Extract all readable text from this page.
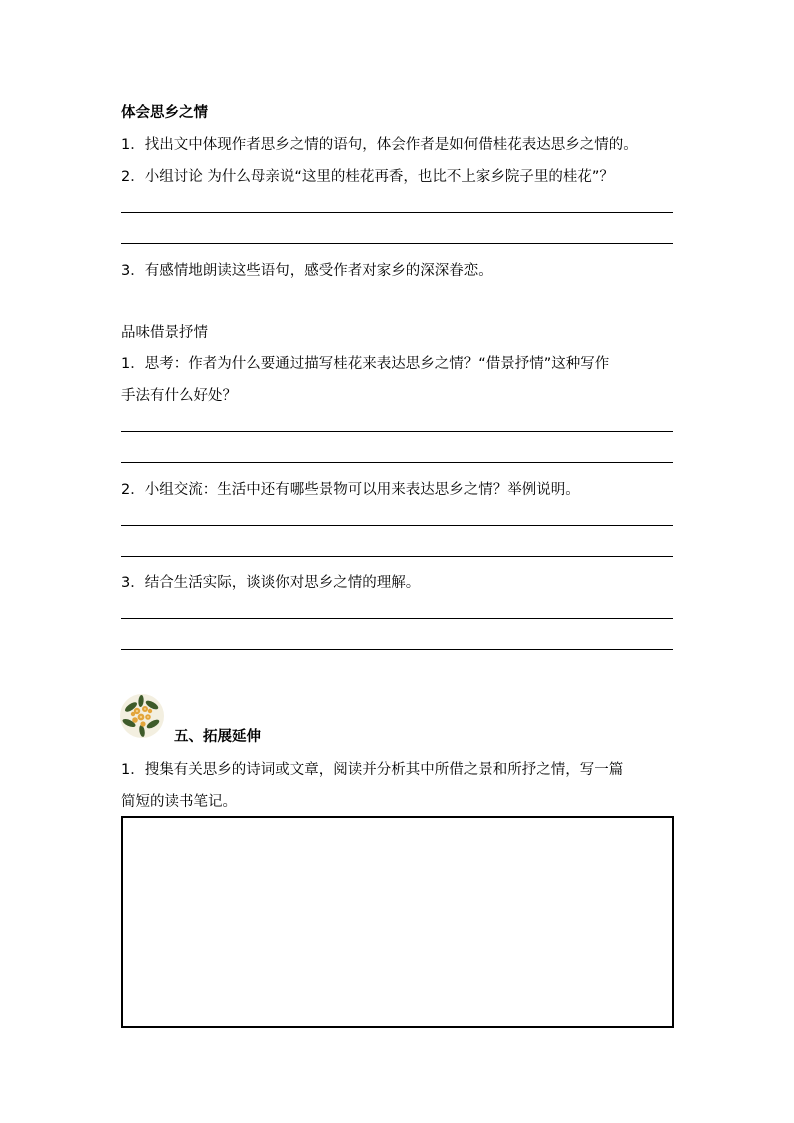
体会思乡之情
1．找出文中体现作者思乡之情的语句，体会作者是如何借桂花表达思乡之情的。
2．小组讨论 为什么母亲说“这里的桂花再香，也比不上家乡院子里的桂花”？
3．有感情地朗读这些语句，感受作者对家乡的深深眷恋。
品味借景抒情
1．思考：作者为什么要通过描写桂花来表达思乡之情？“借景抒情”这种写作
手法有什么好处？
2．小组交流：生活中还有哪些景物可以用来表达思乡之情？举例说明。
3．结合生活实际，谈谈你对思乡之情的理解。
五、拓展延伸
1．搜集有关思乡的诗词或文章，阅读并分析其中所借之景和所抒之情，写一篇
简短的读书笔记。
